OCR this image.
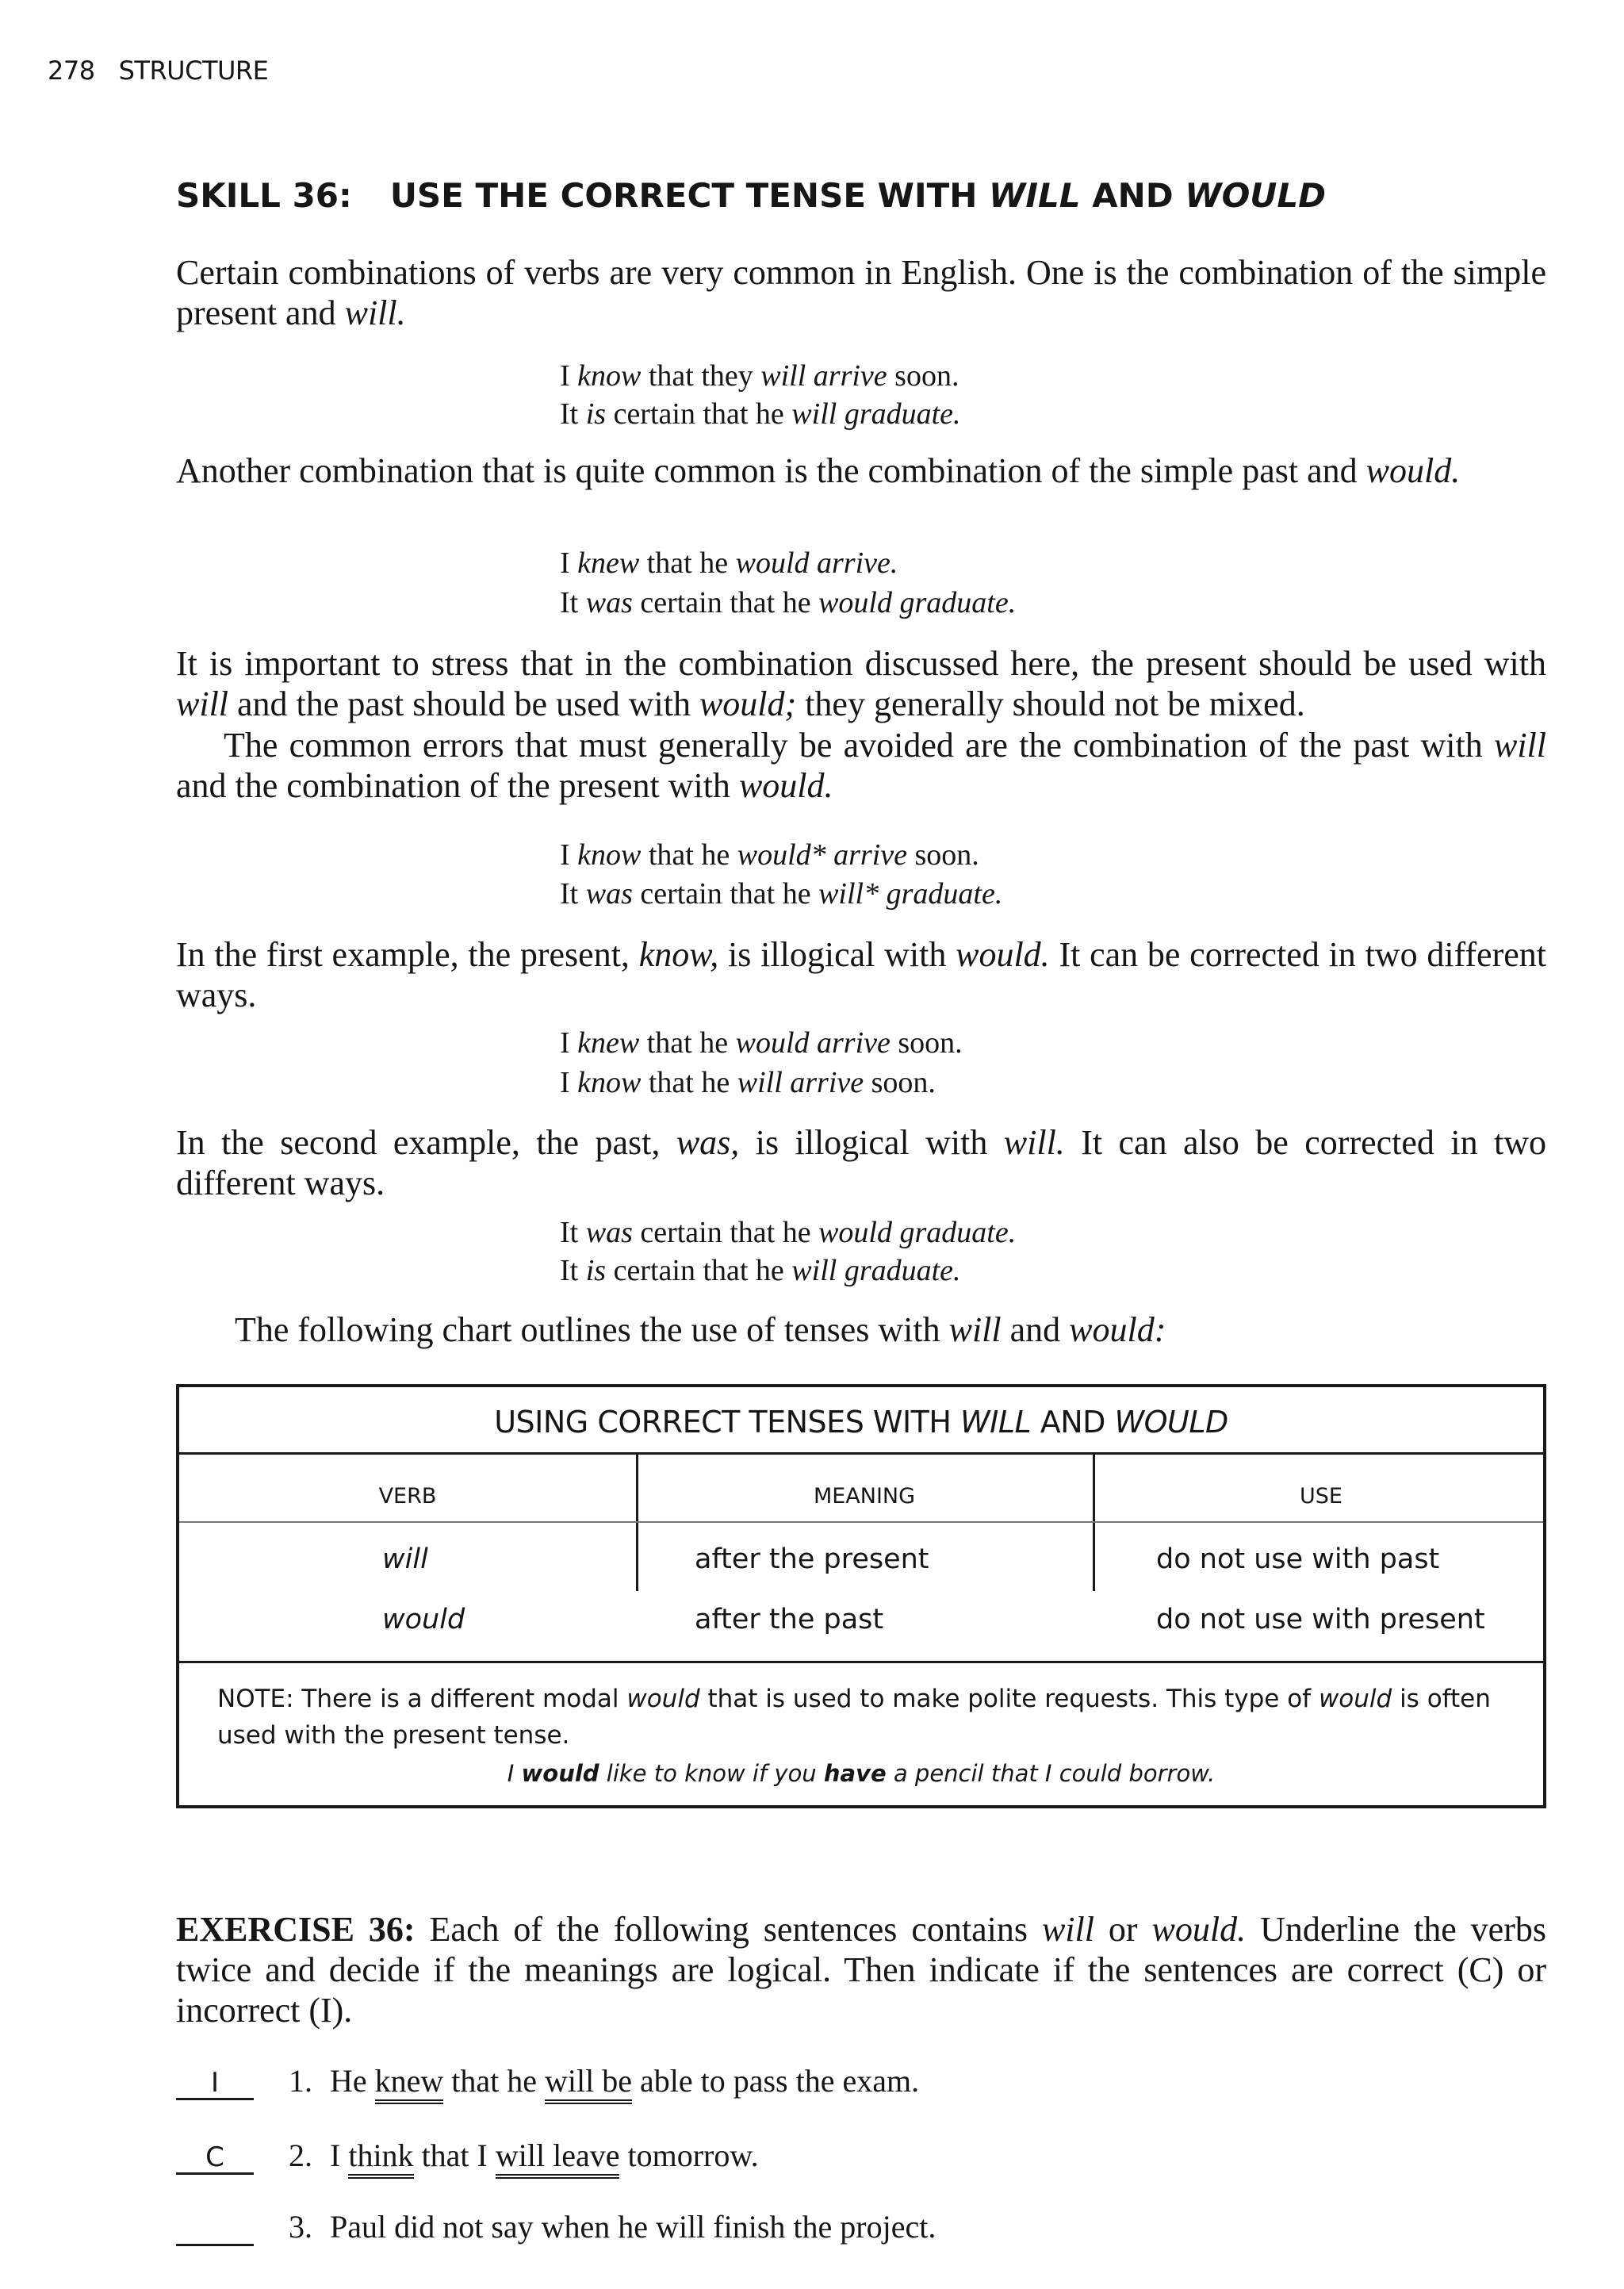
278 STRUCTURE
SKILL 36: USE THE CORRECT TENSE WITH WILL AND WOULD
Certain combinations of verbs are very common in English. One is the combination of the simple present and will.
I know that they will arrive soon.
It is certain that he will graduate.
Another combination that is quite common is the combination of the simple past and would.
I knew that he would arrive.
It was certain that he would graduate.
It is important to stress that in the combination discussed here, the present should be used with will and the past should be used with would; they generally should not be mixed.
The common errors that must generally be avoided are the combination of the past with will and the combination of the present with would.
I know that he would* arrive soon.
It was certain that he will* graduate.
In the first example, the present, know, is illogical with would. It can be corrected in two different ways.
I knew that he would arrive soon.
I know that he will arrive soon.
In the second example, the past, was, is illogical with will. It can also be corrected in two different ways.
It was certain that he would graduate.
It is certain that he will graduate.
The following chart outlines the use of tenses with will and would:
USING CORRECT TENSES WITH WILL AND WOULD
VERB	MEANING	USE
will	after the present	do not use with past
would	after the past	do not use with present
NOTE: There is a different modal would that is used to make polite requests. This type of would is often used with the present tense.
I would like to know if you have a pencil that I could borrow.
EXERCISE 36: Each of the following sentences contains will or would. Underline the verbs twice and decide if the meanings are logical. Then indicate if the sentences are correct (C) or incorrect (I).
I 1. He knew that he will be able to pass the exam.
C 2. I think that I will leave tomorrow.
3. Paul did not say when he will finish the project.
